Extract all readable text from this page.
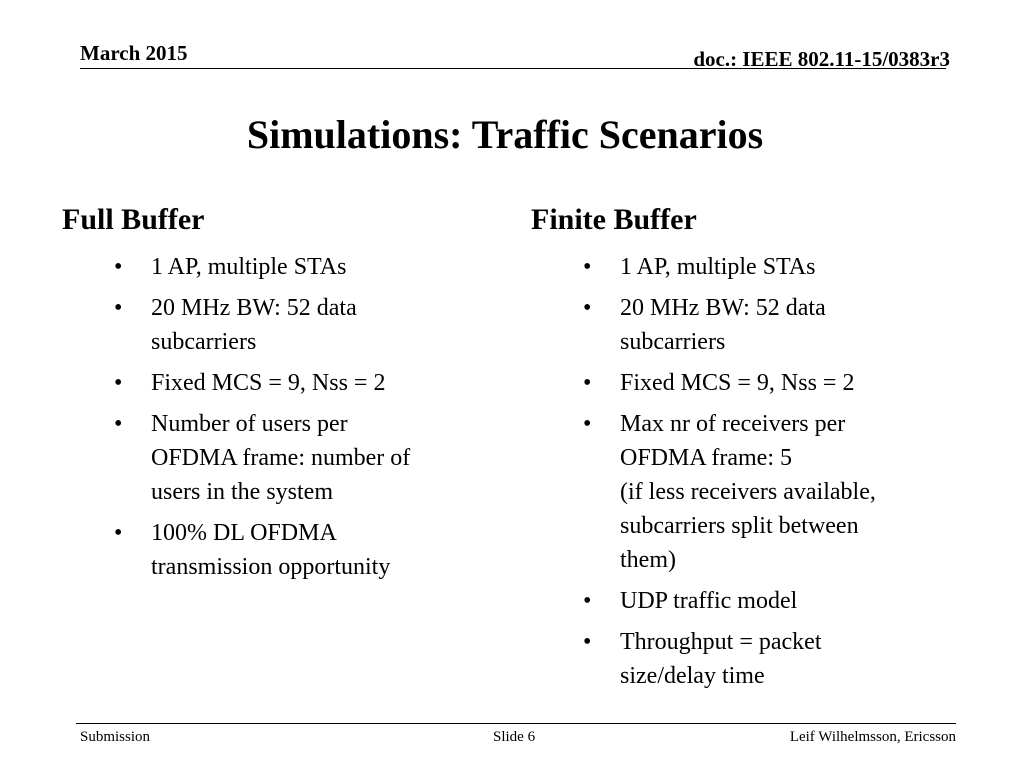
March 2015	doc.: IEEE 802.11-15/0383r3
Simulations: Traffic Scenarios
Full Buffer
• 1 AP, multiple STAs
• 20 MHz BW: 52 data
subcarriers
• Fixed MCS = 9, Nss = 2
• Number of users per
OFDMA frame: number of
users in the system
• 100% DL OFDMA
transmission opportunity
Finite Buffer
• 1 AP, multiple STAs
• 20 MHz BW: 52 data
subcarriers
• Fixed MCS = 9, Nss = 2
• Max nr of receivers per
OFDMA frame: 5
(if less receivers available,
subcarriers split between
them)
• UDP traffic model
• Throughput = packet
size/delay time
Submission	Slide 6	Leif Wilhelmsson, Ericsson
